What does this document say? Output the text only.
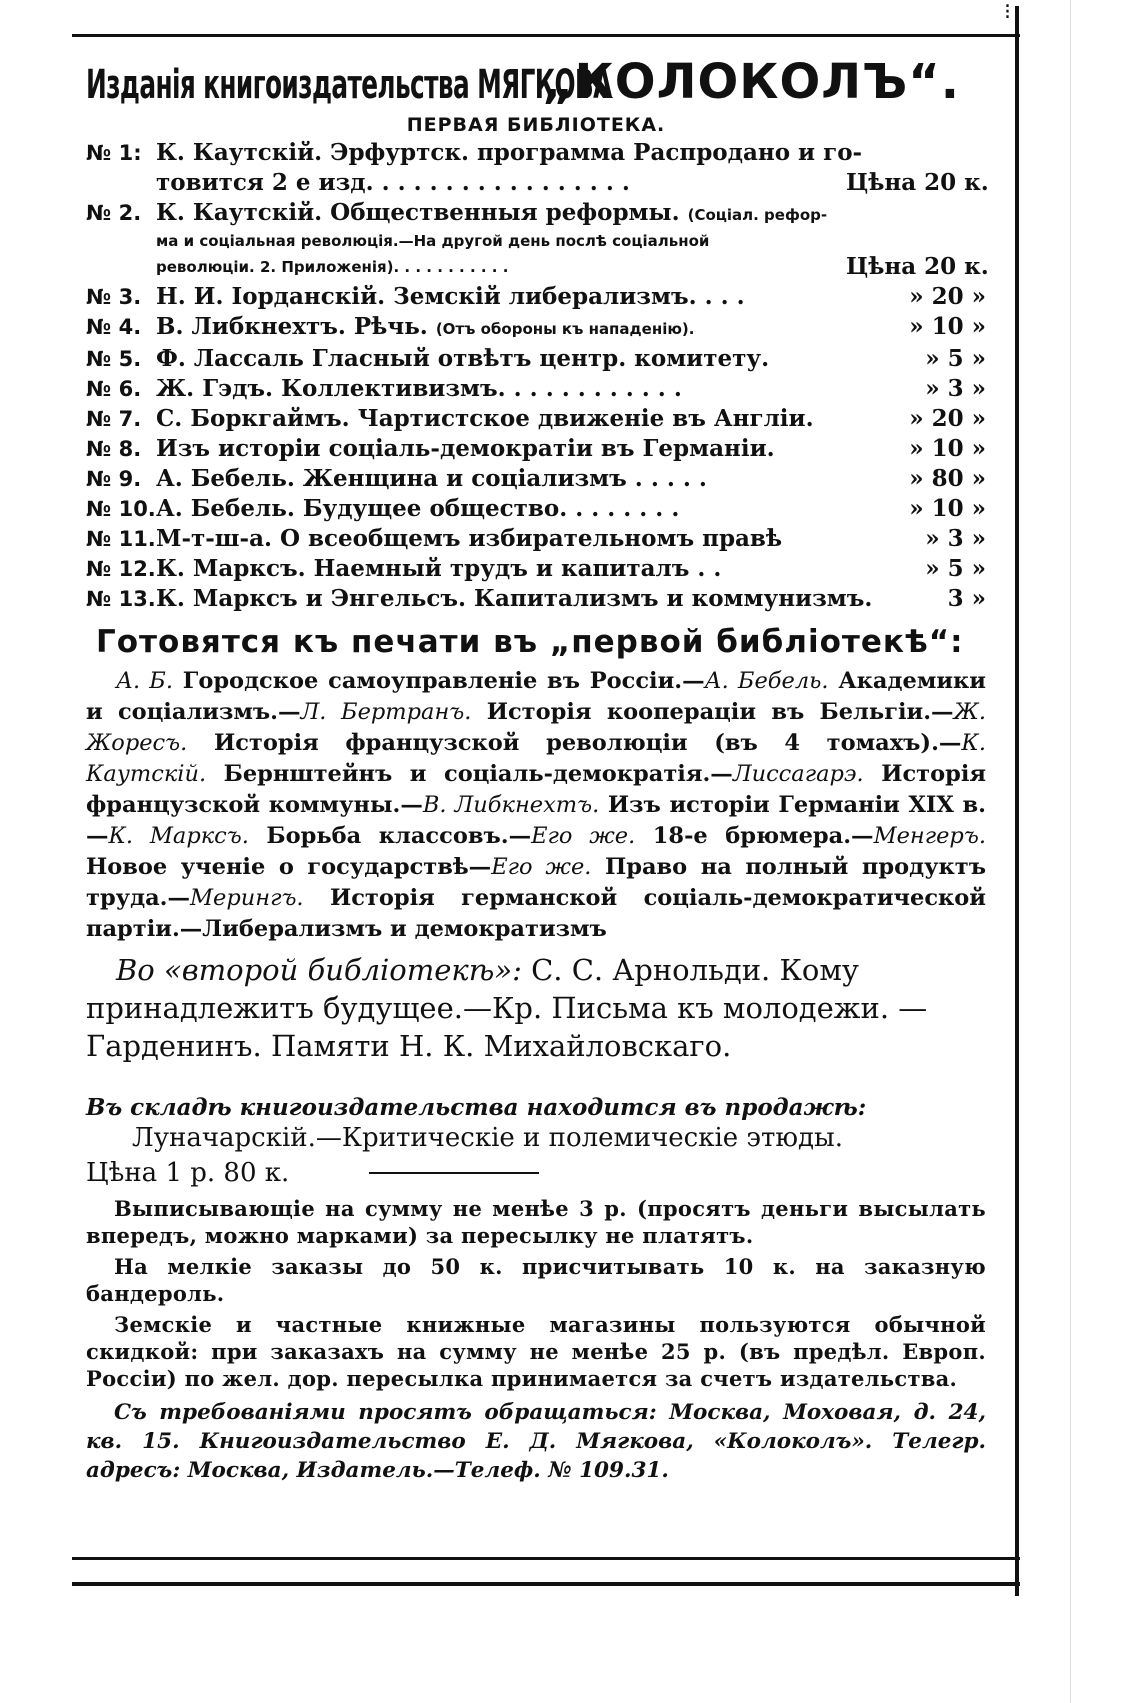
⁝
Изданія книгоиздательства МЯГКОВА
„КОЛОКОЛЪ“.
ПЕРВАЯ БИБЛІОТЕКА.
№ 1: К. Каутскій. Эрфуртск. программа Распродано и го-
товится 2 е изд. . . . . . . . . . . . . . . . .	Цѣна 20 к.
№ 2. К. Каутскій. Общественныя реформы. (Соціал. рефор-
ма и соціальная революція.—На другой день послѣ соціальной
революціи. 2. Приложенія). . . . . . . . . . .	Цѣна 20 к.
№ 3. Н. И. Іорданскій. Земскій либерализмъ. . . .	» 20 »
№ 4. В. Либкнехтъ. Рѣчь. (Отъ обороны къ нападенію).	» 10 »
№ 5. Ф. Лассаль Гласный отвѣтъ центр. комитету.	» 5 »
№ 6. Ж. Гэдъ. Коллективизмъ. . . . . . . . . . . .	» 3 »
№ 7. С. Боркгаймъ. Чартистское движеніе въ Англіи.	» 20 »
№ 8. Изъ исторіи соціаль-демократіи въ Германіи.	» 10 »
№ 9. А. Бебель. Женщина и соціализмъ . . . . .	» 80 »
№ 10. А. Бебель. Будущее общество. . . . . . . .	» 10 »
№ 11. М-т-ш-а. О всеобщемъ избирательномъ правѣ	» 3 »
№ 12. К. Марксъ. Наемный трудъ и капиталъ . .	» 5 »
№ 13. К. Марксъ и Энгельсъ. Капитализмъ и коммунизмъ.	3 »
Готовятся къ печати въ „первой библіотекѣ“:

А. Б. Городское самоуправленіе въ Россіи.—А. Бебель. Академики и соціализмъ.—Л. Бертранъ. Исторія коопераціи въ Бельгіи.—Ж. Жоресъ. Исторія французской революціи (въ 4 томахъ).—К. Каутскій. Бернштейнъ и соціаль-демократія.—Лиссагарэ. Исторія французской коммуны.—В. Либкнехтъ. Изъ исторіи Германіи XIX в.—К. Марксъ. Борьба классовъ.—Его же. 18-е брюмера.—Менгеръ. Новое ученіе о государствѣ—Его же. Право на полный продуктъ труда.—Мерингъ. Исторія германской соціаль-демократической партіи.—Либерализмъ и демократизмъ

Во «второй библіотекѣ»: С. С. Арнольди. Кому принадлежитъ будущее.—Кр. Письма къ молодежи. —Гарденинъ. Памяти Н. К. Михайловскаго.

Въ складѣ книгоиздательства находится въ продажѣ:
Луначарскій.—Критическіе и полемическіе этюды.
Цѣна 1 р. 80 к.

Выписывающіе на сумму не менѣе 3 р. (просятъ деньги высылать впередъ, можно марками) за пересылку не платятъ.

На мелкіе заказы до 50 к. присчитывать 10 к. на заказную бандероль.

Земскіе и частные книжные магазины пользуются обычной скидкой: при заказахъ на сумму не менѣе 25 р. (въ предѣл. Европ. Россіи) по жел. дор. пересылка принимается за счетъ издательства.

Съ требованіями просятъ обращаться: Москва, Моховая, д. 24, кв. 15. Книгоиздательство Е. Д. Мягкова, «Колоколъ». Телегр. адресъ: Москва, Издатель.—Телеф. № 109.31.
